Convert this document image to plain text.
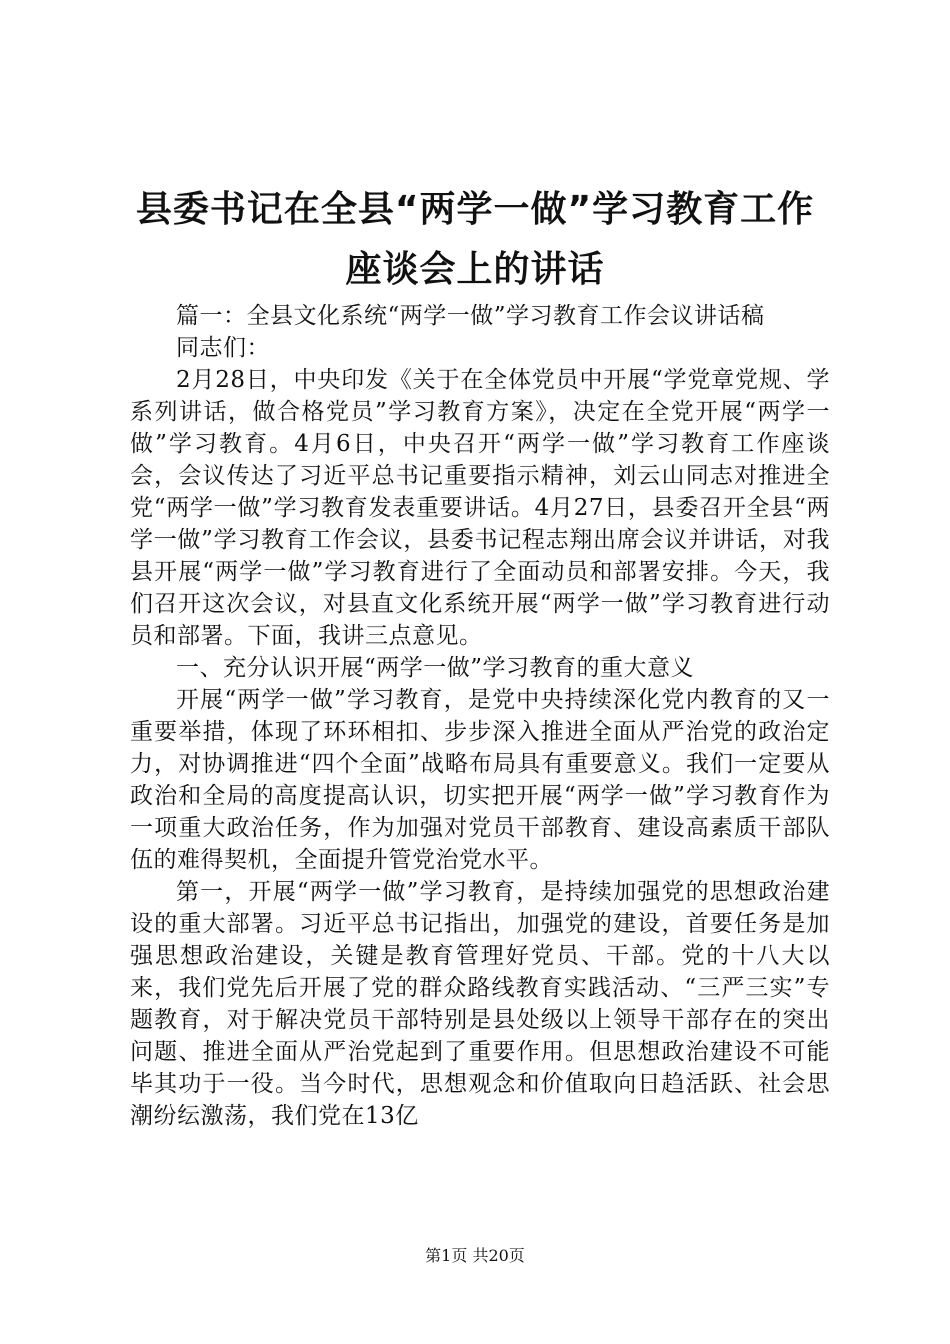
县委书记在全县“两学一做”学习教育工作座谈会上的讲话

篇一：全县文化系统“两学一做”学习教育工作会议讲话稿

同志们：

2月28日，中央印发《关于在全体党员中开展“学党章党规、学系列讲话，做合格党员”学习教育方案》，决定在全党开展“两学一做”学习教育。4月6日，中央召开“两学一做”学习教育工作座谈会，会议传达了习近平总书记重要指示精神，刘云山同志对推进全党“两学一做”学习教育发表重要讲话。4月27日，县委召开全县“两学一做”学习教育工作会议，县委书记程志翔出席会议并讲话，对我县开展“两学一做”学习教育进行了全面动员和部署安排。今天，我们召开这次会议，对县直文化系统开展“两学一做”学习教育进行动员和部署。下面，我讲三点意见。

一、充分认识开展“两学一做”学习教育的重大意义

开展“两学一做”学习教育，是党中央持续深化党内教育的又一重要举措，体现了环环相扣、步步深入推进全面从严治党的政治定力，对协调推进“四个全面”战略布局具有重要意义。我们一定要从政治和全局的高度提高认识，切实把开展“两学一做”学习教育作为一项重大政治任务，作为加强对党员干部教育、建设高素质干部队伍的难得契机，全面提升管党治党水平。

第一，开展“两学一做”学习教育，是持续加强党的思想政治建设的重大部署。习近平总书记指出，加强党的建设，首要任务是加强思想政治建设，关键是教育管理好党员、干部。党的十八大以来，我们党先后开展了党的群众路线教育实践活动、“三严三实”专题教育，对于解决党员干部特别是县处级以上领导干部存在的突出问题、推进全面从严治党起到了重要作用。但思想政治建设不可能毕其功于一役。当今时代，思想观念和价值取向日趋活跃、社会思潮纷纭激荡，我们党在13亿

第1页 共20页
